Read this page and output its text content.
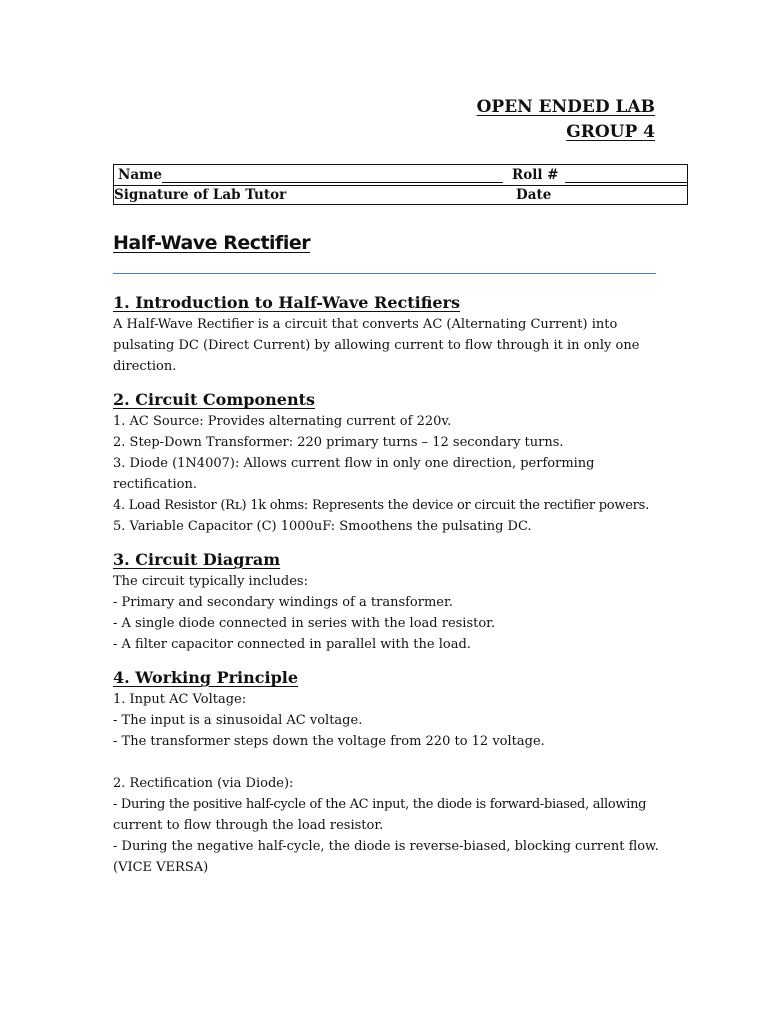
OPEN ENDED LAB
GROUP 4
Name	Roll #
Signature of Lab Tutor	Date
Half-Wave Rectifier
1. Introduction to Half-Wave Rectifiers

A Half-Wave Rectifier is a circuit that converts AC (Alternating Current) into pulsating DC (Direct Current) by allowing current to flow through it in only one direction.

2. Circuit Components

1. AC Source: Provides alternating current of 220v.

2. Step-Down Transformer: 220 primary turns – 12 secondary turns.

3. Diode (1N4007): Allows current flow in only one direction, performing

rectification.

4. Load Resistor (Rʟ) 1k ohms: Represents the device or circuit the rectifier powers.

5. Variable Capacitor (C) 1000uF: Smoothens the pulsating DC.

3. Circuit Diagram

The circuit typically includes:

- Primary and secondary windings of a transformer.

- A single diode connected in series with the load resistor.

- A filter capacitor connected in parallel with the load.

4. Working Principle

1. Input AC Voltage:

- The input is a sinusoidal AC voltage.

- The transformer steps down the voltage from 220 to 12 voltage.

2. Rectification (via Diode):

- During the positive half-cycle of the AC input, the diode is forward-biased, allowing

current to flow through the load resistor.

- During the negative half-cycle, the diode is reverse-biased, blocking current flow.

(VICE VERSA)
